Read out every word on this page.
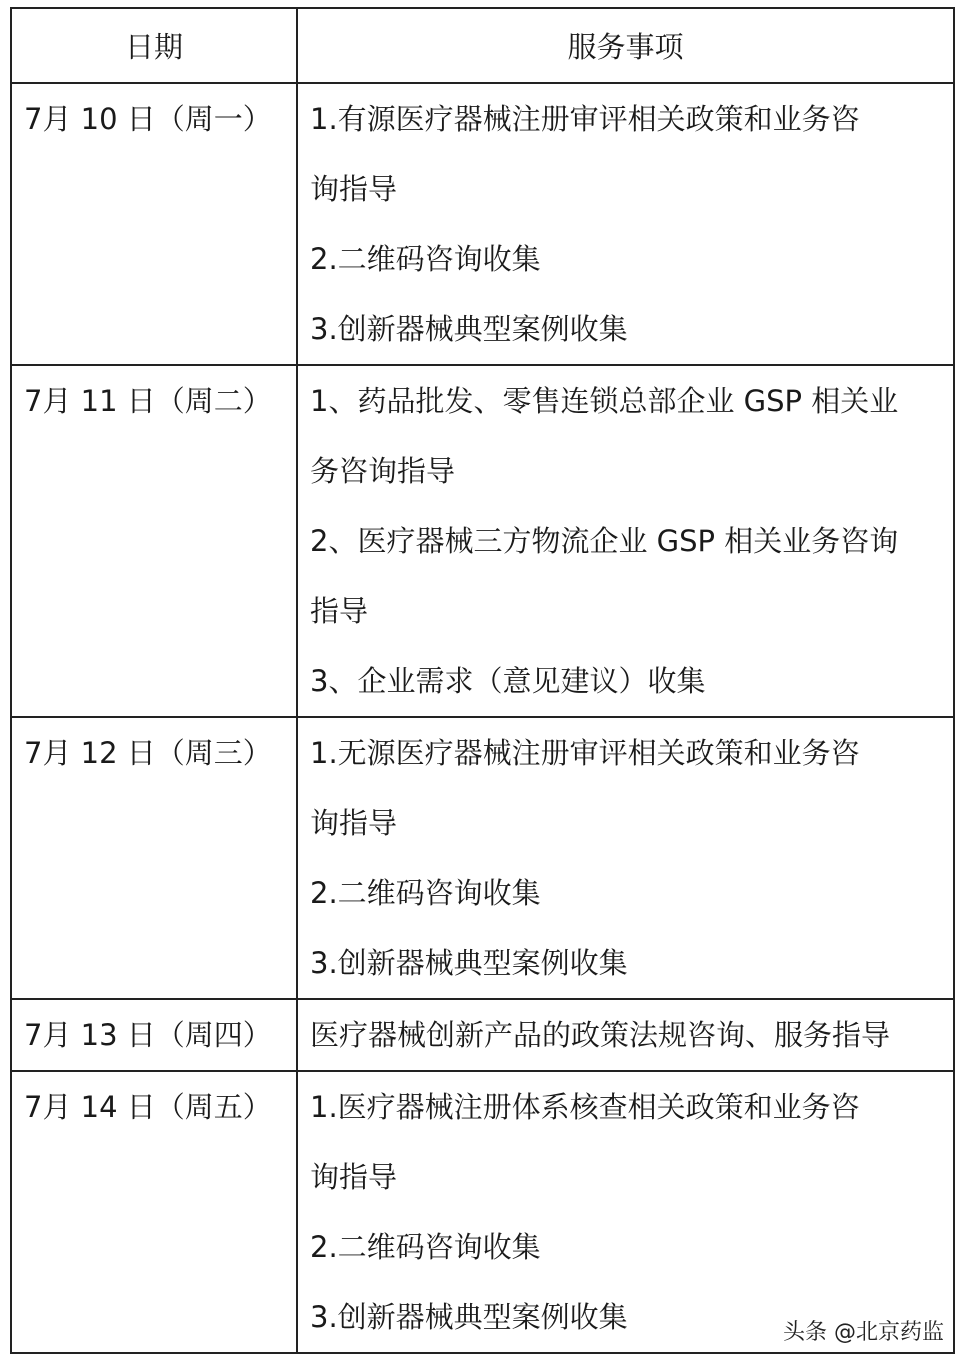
日期	服务事项

7月 10 日（周一）	1.有源医疗器械注册审评相关政策和业务咨
询指导
2.二维码咨询收集
3.创新器械典型案例收集

7月 11 日（周二）	1、药品批发、零售连锁总部企业 GSP 相关业
务咨询指导
2、医疗器械三方物流企业 GSP 相关业务咨询
指导
3、企业需求（意见建议）收集

7月 12 日（周三）	1.无源医疗器械注册审评相关政策和业务咨
询指导
2.二维码咨询收集
3.创新器械典型案例收集

7月 13 日（周四）	医疗器械创新产品的政策法规咨询、服务指导

7月 14 日（周五）	1.医疗器械注册体系核查相关政策和业务咨
询指导
2.二维码咨询收集
3.创新器械典型案例收集	头条 @北京药监
